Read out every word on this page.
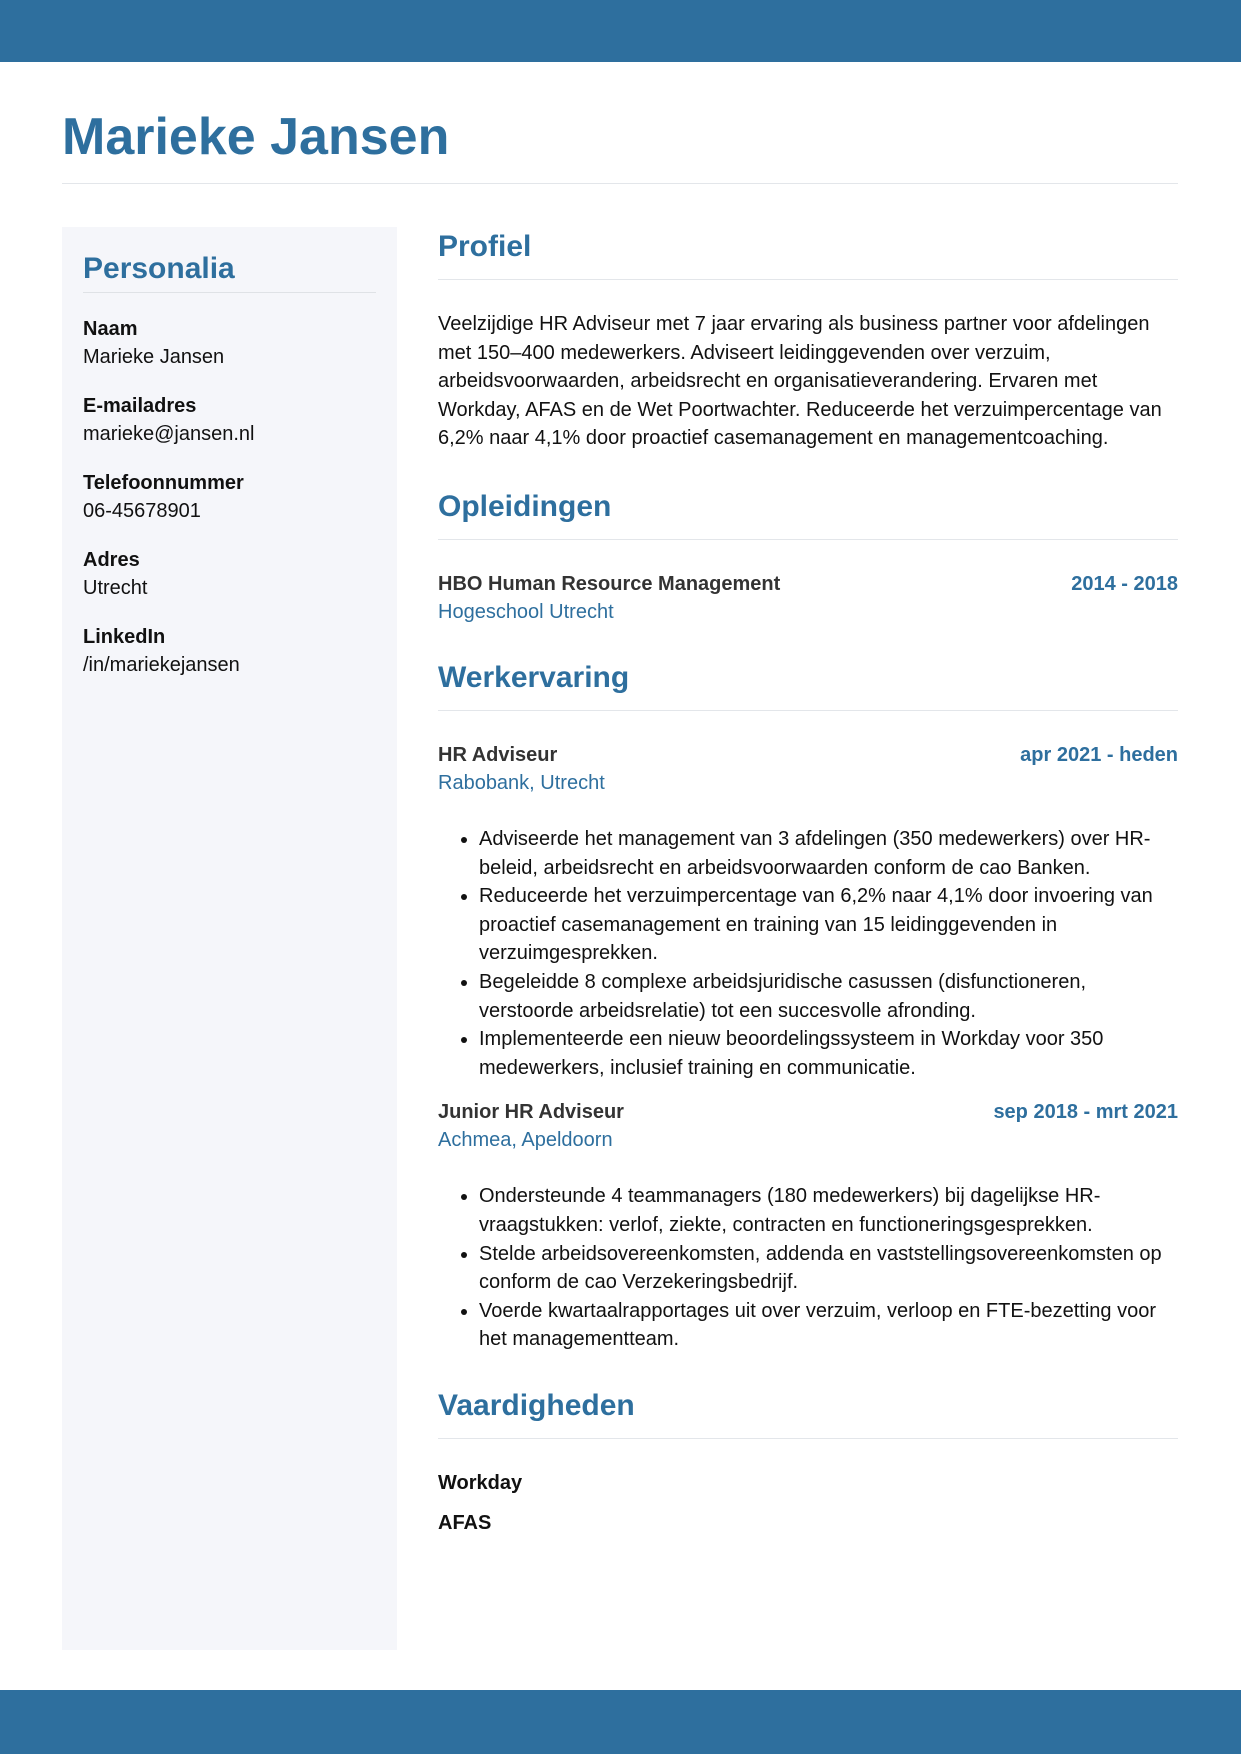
Marieke Jansen
Personalia
Naam
Marieke Jansen
E-mailadres
marieke@jansen.nl
Telefoonnummer
06-45678901
Adres
Utrecht
LinkedIn
/in/mariekejansen
Profiel

Veelzijdige HR Adviseur met 7 jaar ervaring als business partner voor afdelingen met 150–400 medewerkers. Adviseert leidinggevenden over verzuim, arbeidsvoorwaarden, arbeidsrecht en organisatieverandering. Ervaren met Workday, AFAS en de Wet Poortwachter. Reduceerde het verzuimpercentage van 6,2% naar 4,1% door proactief casemanagement en managementcoaching.

Opleidingen
HBO Human Resource Management	2014 - 2018
Hogeschool Utrecht
Werkervaring
HR Adviseur	apr 2021 - heden
Rabobank, Utrecht
• Adviseerde het management van 3 afdelingen (350 medewerkers) over HR-beleid, arbeidsrecht en arbeidsvoorwaarden conform de cao Banken.
• Reduceerde het verzuimpercentage van 6,2% naar 4,1% door invoering van proactief casemanagement en training van 15 leidinggevenden in verzuimgesprekken.
• Begeleidde 8 complexe arbeidsjuridische casussen (disfunctioneren, verstoorde arbeidsrelatie) tot een succesvolle afronding.
• Implementeerde een nieuw beoordelingssysteem in Workday voor 350 medewerkers, inclusief training en communicatie.
Junior HR Adviseur	sep 2018 - mrt 2021
Achmea, Apeldoorn
• Ondersteunde 4 teammanagers (180 medewerkers) bij dagelijkse HR-vraagstukken: verlof, ziekte, contracten en functioneringsgesprekken.
• Stelde arbeidsovereenkomsten, addenda en vaststellingsovereenkomsten op conform de cao Verzekeringsbedrijf.
• Voerde kwartaalrapportages uit over verzuim, verloop en FTE-bezetting voor het managementteam.
Vaardigheden
Workday
AFAS
